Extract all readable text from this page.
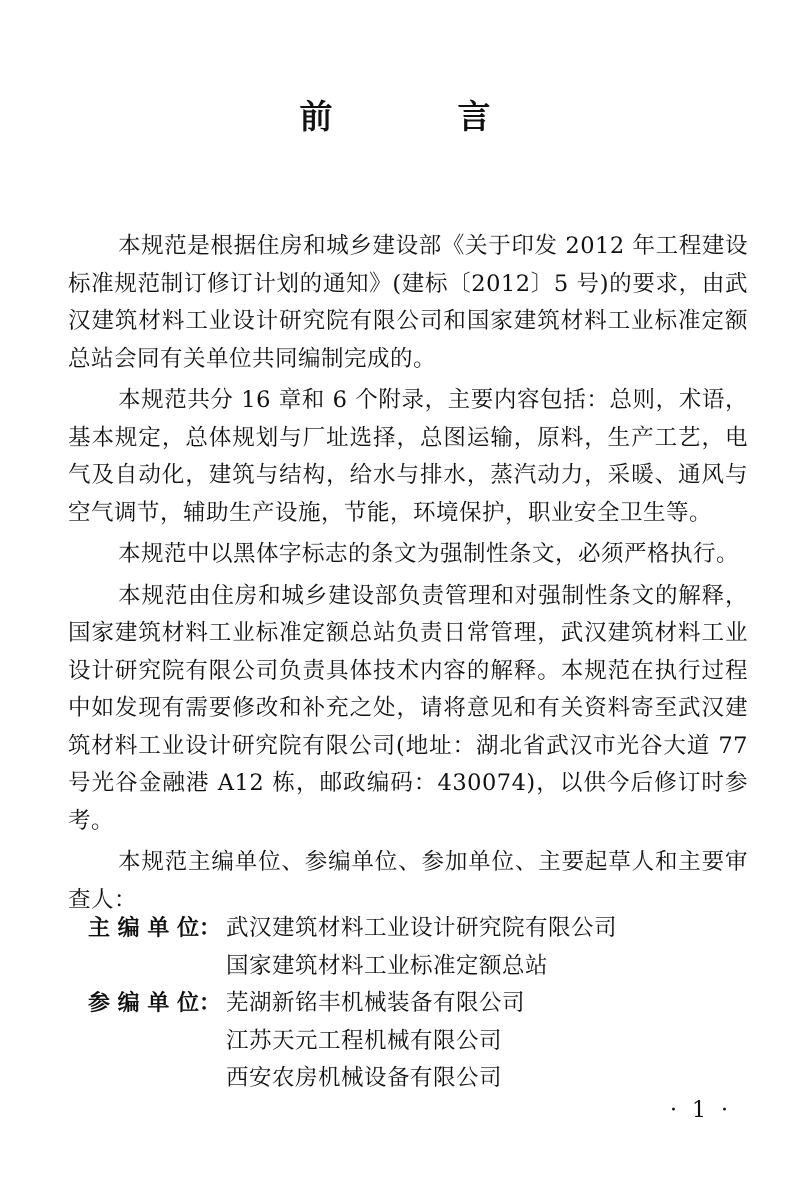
前　言

本规范是根据住房和城乡建设部《关于印发 2012 年工程建设标准规范制订修订计划的通知》(建标〔2012〕5 号)的要求，由武汉建筑材料工业设计研究院有限公司和国家建筑材料工业标准定额总站会同有关单位共同编制完成的。

本规范共分 16 章和 6 个附录，主要内容包括：总则，术语，基本规定，总体规划与厂址选择，总图运输，原料，生产工艺，电气及自动化，建筑与结构，给水与排水，蒸汽动力，采暖、通风与空气调节，辅助生产设施，节能，环境保护，职业安全卫生等。

本规范中以黑体字标志的条文为强制性条文，必须严格执行。

本规范由住房和城乡建设部负责管理和对强制性条文的解释，国家建筑材料工业标准定额总站负责日常管理，武汉建筑材料工业设计研究院有限公司负责具体技术内容的解释。本规范在执行过程中如发现有需要修改和补充之处，请将意见和有关资料寄至武汉建筑材料工业设计研究院有限公司(地址：湖北省武汉市光谷大道 77 号光谷金融港 A12 栋，邮政编码：430074)，以供今后修订时参考。

本规范主编单位、参编单位、参加单位、主要起草人和主要审查人：

主 编 单 位： 武汉建筑材料工业设计研究院有限公司
国家建筑材料工业标准定额总站
参 编 单 位： 芜湖新铭丰机械装备有限公司
江苏天元工程机械有限公司
西安农房机械设备有限公司
· 1 ·
